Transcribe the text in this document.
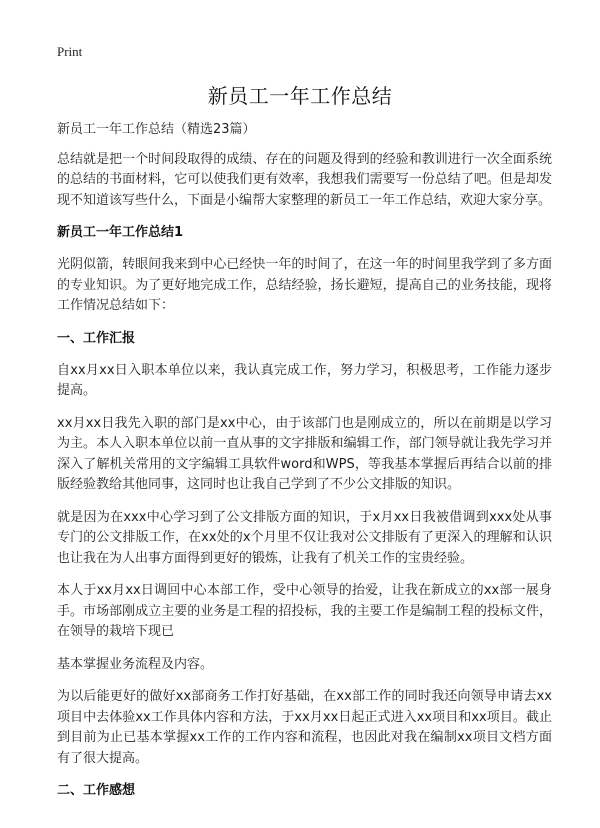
Print
新员工一年工作总结

新员工一年工作总结（精选23篇）

总结就是把一个时间段取得的成绩、存在的问题及得到的经验和教训进行一次全面系统的总结的书面材料，它可以使我们更有效率，我想我们需要写一份总结了吧。但是却发现不知道该写些什么，下面是小编帮大家整理的新员工一年工作总结，欢迎大家分享。

新员工一年工作总结1

光阴似箭，转眼间我来到中心已经快一年的时间了，在这一年的时间里我学到了多方面的专业知识。为了更好地完成工作，总结经验，扬长避短，提高自己的业务技能，现将工作情况总结如下：

一、工作汇报

自xx月xx日入职本单位以来，我认真完成工作，努力学习，积极思考，工作能力逐步提高。

xx月xx日我先入职的部门是xx中心，由于该部门也是刚成立的，所以在前期是以学习为主。本人入职本单位以前一直从事的文字排版和编辑工作，部门领导就让我先学习并深入了解机关常用的文字编辑工具软件word和WPS，等我基本掌握后再结合以前的排版经验教给其他同事，这同时也让我自己学到了不少公文排版的知识。

就是因为在xxx中心学习到了公文排版方面的知识，于x月xx日我被借调到xxx处从事专门的公文排版工作，在xx处的x个月里不仅让我对公文排版有了更深入的理解和认识也让我在为人出事方面得到更好的锻炼，让我有了机关工作的宝贵经验。

本人于xx月xx日调回中心本部工作，受中心领导的抬爱，让我在新成立的xx部一展身手。市场部刚成立主要的业务是工程的招投标，我的主要工作是编制工程的投标文件，在领导的栽培下现已

基本掌握业务流程及内容。

为以后能更好的做好xx部商务工作打好基础，在xx部工作的同时我还向领导申请去xx项目中去体验xx工作具体内容和方法，于xx月xx日起正式进入xx项目和xx项目。截止到目前为止已基本掌握xx工作的工作内容和流程，也因此对我在编制xx项目文档方面有了很大提高。

二、工作感想
